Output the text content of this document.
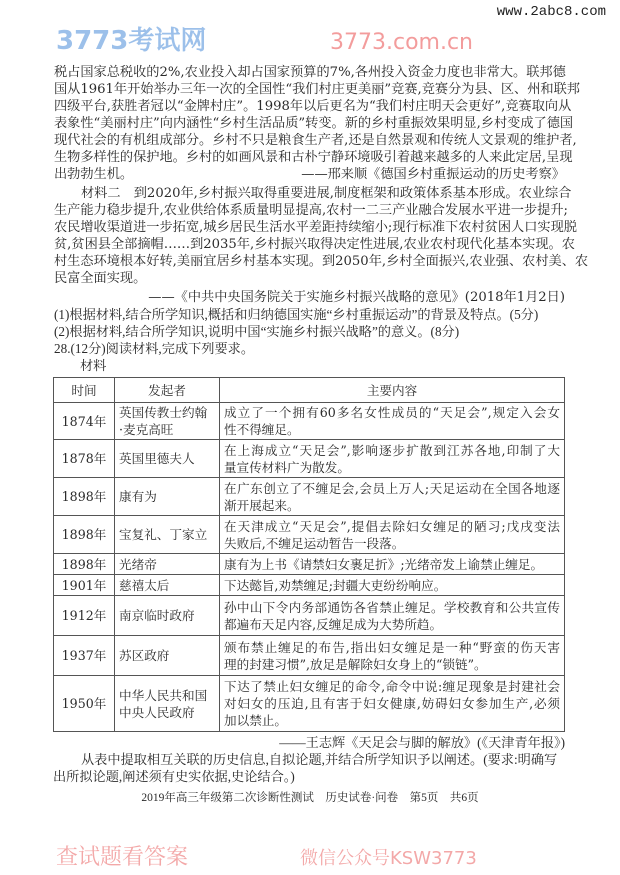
www.2abc8.com
3773考试网	3773.com.cn
税占国家总税收的2%,农业投入却占国家预算的7%,各州投入资金力度也非常大。联邦德
国从1961年开始举办三年一次的全国性“我们村庄更美丽”竞赛,竞赛分为县、区、州和联邦
四级平台,获胜者冠以“金牌村庄”。1998年以后更名为“我们村庄明天会更好”,竞赛取向从
表象性“美丽村庄”向内涵性“乡村生活品质”转变。新的乡村重振效果明显,乡村变成了德国
现代社会的有机组成部分。乡村不只是粮食生产者,还是自然景观和传统人文景观的维护者,
生物多样性的保护地。乡村的如画风景和古朴宁静环境吸引着越来越多的人来此定居,呈现
出勃勃生机。	——邢来顺《德国乡村重振运动的历史考察》
材料二　到2020年,乡村振兴取得重要进展,制度框架和政策体系基本形成。农业综合
生产能力稳步提升,农业供给体系质量明显提高,农村一二三产业融合发展水平进一步提升;
农民增收渠道进一步拓宽,城乡居民生活水平差距持续缩小;现行标准下农村贫困人口实现脱
贫,贫困县全部摘帽……到2035年,乡村振兴取得决定性进展,农业农村现代化基本实现。农
村生态环境根本好转,美丽宜居乡村基本实现。到2050年,乡村全面振兴,农业强、农村美、农
民富全面实现。
——《中共中央国务院关于实施乡村振兴战略的意见》(2018年1月2日)
(1)根据材料,结合所学知识,概括和归纳德国实施“乡村重振运动”的背景及特点。(5分)
(2)根据材料,结合所学知识,说明中国“实施乡村振兴战略”的意义。(8分)
28.(12分)阅读材料,完成下列要求。
材料
时间	发起者	主要内容
1874年	英国传教士约翰
·麦克高旺	成立了一个拥有60多名女性成员的“天足会”,规定入会女
性不得缠足。

1878年	英国里德夫人	在上海成立“天足会”,影响逐步扩散到江苏各地,印制了大
量宣传材料广为散发。

1898年	康有为	在广东创立了不缠足会,会员上万人;天足运动在全国各地逐
渐开展起来。

1898年	宝复礼、丁家立	在天津成立“天足会”,提倡去除妇女缠足的陋习;戊戌变法
失败后,不缠足运动暂告一段落。

1898年	光绪帝	康有为上书《请禁妇女裹足折》;光绪帝发上谕禁止缠足。

1901年	慈禧太后	下达懿旨,劝禁缠足;封疆大吏纷纷响应。

1912年	南京临时政府	孙中山下令内务部通饬各省禁止缠足。学校教育和公共宣传
都遍布天足内容,反缠足成为大势所趋。

1937年	苏区政府	颁布禁止缠足的布告,指出妇女缠足是一种“野蛮的伤天害
理的封建习惯”,放足是解除妇女身上的“锁链”。

1950年	中华人民共和国
中央人民政府	下达了禁止妇女缠足的命令,命令中说:缠足现象是封建社会
对妇女的压迫,且有害于妇女健康,妨碍妇女参加生产,必须
加以禁止。
——王志辉《天足会与脚的解放》(《天津青年报》)
从表中提取相互关联的历史信息,自拟论题,并结合所学知识予以阐述。(要求:明确写
出所拟论题,阐述须有史实依据,史论结合。)
2019年高三年级第二次诊断性测试　历史试卷·问卷　第5页　共6页
查试题看答案	微信公众号KSW3773
